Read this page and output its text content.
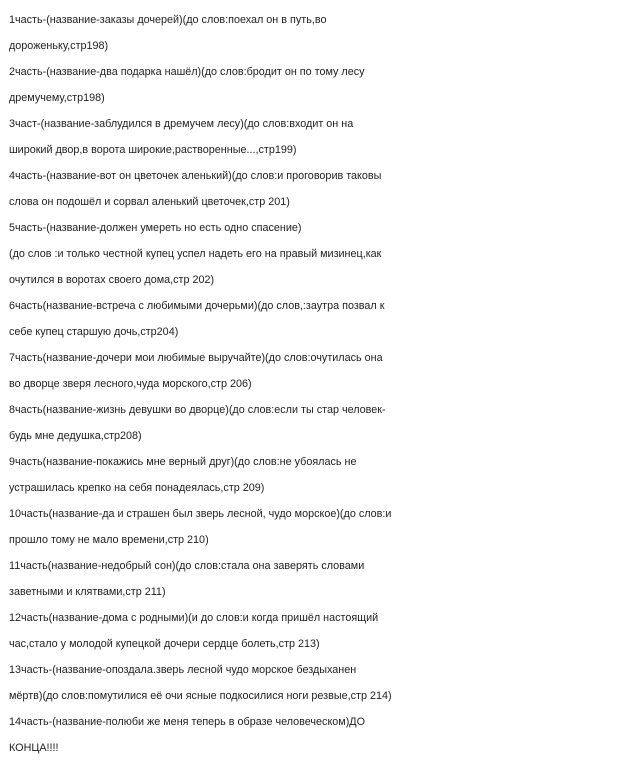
1часть-(название-заказы дочерей)(до слов:поехал он в путь,во
дороженьку,стр198)
2часть-(название-два подарка нашёл)(до слов:бродит он по тому лесу
дремучему,стр198)
3част-(название-заблудился в дремучем лесу)(до слов:входит он на
широкий двор,в ворота широкие,растворенные...,стр199)
4часть-(название-вот он цветочек аленький)(до слов:и проговорив таковы
слова он подошёл и сорвал аленький цветочек,стр 201)
5часть-(название-должен умереть но есть одно спасение)
(до слов :и только честной купец успел надеть его на правый мизинец,как
очутился в воротах своего дома,стр 202)
6часть(название-встреча с любимыми дочерьми)(до слов,:заутра позвал к
себе купец старшую дочь,стр204)
7часть(название-дочери мои любимые выручайте)(до слов:очутилась она
во дворце зверя лесного,чуда морского,стр 206)
8часть(название-жизнь девушки во дворце)(до слов:если ты стар человек-
будь мне дедушка,стр208)
9часть(название-покажись мне верный друг)(до слов:не убоялась не
устрашилась крепко на себя понадеялась,стр 209)
10часть(название-да и страшен был зверь лесной, чудо морское)(до слов:и
прошло тому не мало времени,стр 210)
11часть(название-недобрый сон)(до слов:стала она заверять словами
заветными и клятвами,стр 211)
12часть(название-дома с родными)(и до слов:и когда пришёл настоящий
час,стало у молодой купецкой дочери сердце болеть,стр 213)
13часть-(название-опоздала.зверь лесной чудо морское бездыханен
мёртв)(до слов:помутилися её очи ясные подкосилися ноги резвые,стр 214)
14часть-(название-полюби же меня теперь в образе человеческом)ДО
КОНЦА!!!!
